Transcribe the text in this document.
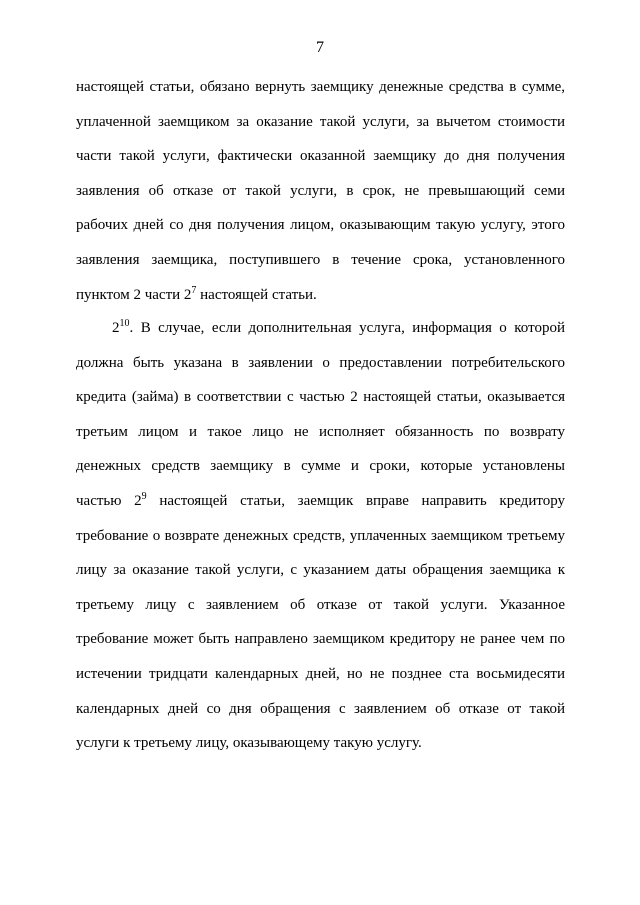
7
настоящей статьи, обязано вернуть заемщику денежные средства в сумме,
уплаченной заемщиком за оказание такой услуги, за вычетом стоимости
части такой услуги, фактически оказанной заемщику до дня получения
заявления об отказе от такой услуги, в срок, не превышающий семи
рабочих дней со дня получения лицом, оказывающим такую услугу, этого
заявления заемщика, поступившего в течение срока, установленного
пунктом 2 части $2^7$ настоящей статьи.
$2^{10}$. В случае, если дополнительная услуга, информация о которой
должна быть указана в заявлении о предоставлении потребительского
кредита (займа) в соответствии с частью 2 настоящей статьи, оказывается
третьим лицом и такое лицо не исполняет обязанность по возврату
денежных средств заемщику в сумме и сроки, которые установлены
частью $2^9$ настоящей статьи, заемщик вправе направить кредитору
требование о возврате денежных средств, уплаченных заемщиком третьему
лицу за оказание такой услуги, с указанием даты обращения заемщика к
третьему лицу с заявлением об отказе от такой услуги. Указанное
требование может быть направлено заемщиком кредитору не ранее чем по
истечении тридцати календарных дней, но не позднее ста восьмидесяти
календарных дней со дня обращения с заявлением об отказе от такой
услуги к третьему лицу, оказывающему такую услугу.
